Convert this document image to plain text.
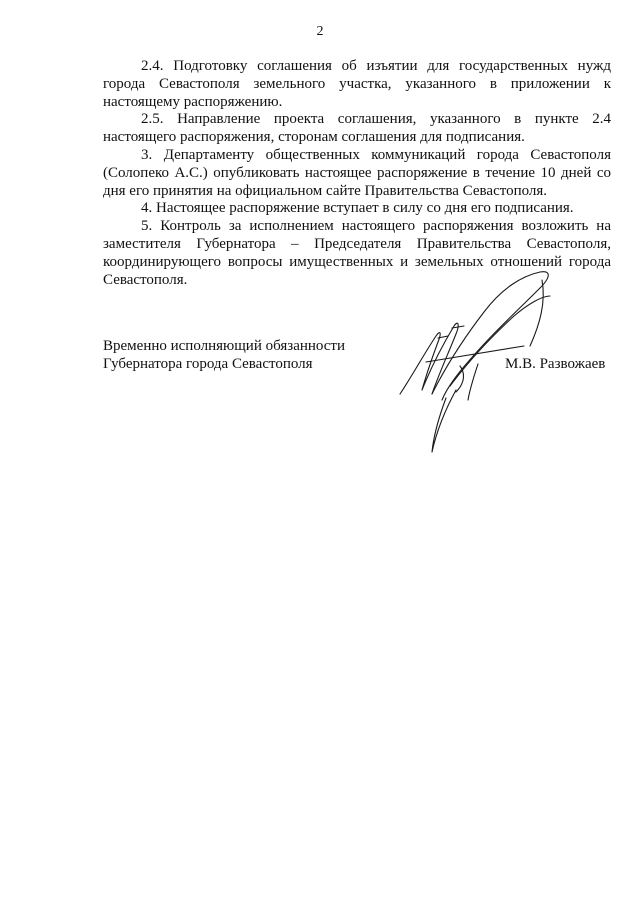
2

2.4. Подготовку соглашения об изъятии для государственных нужд города Севастополя земельного участка, указанного в приложении к настоящему распоряжению.

2.5. Направление проекта соглашения, указанного в пункте 2.4 настоящего распоряжения, сторонам соглашения для подписания.

3. Департаменту общественных коммуникаций города Севастополя (Солопеко А.С.) опубликовать настоящее распоряжение в течение 10 дней со дня его принятия на официальном сайте Правительства Севастополя.

4. Настоящее распоряжение вступает в силу со дня его подписания.

5. Контроль за исполнением настоящего распоряжения возложить на заместителя Губернатора – Председателя Правительства Севастополя, координирующего вопросы имущественных и земельных отношений города Севастополя.

Временно исполняющий обязанности
Губернатора города Севастополя	М.В. Развожаев
